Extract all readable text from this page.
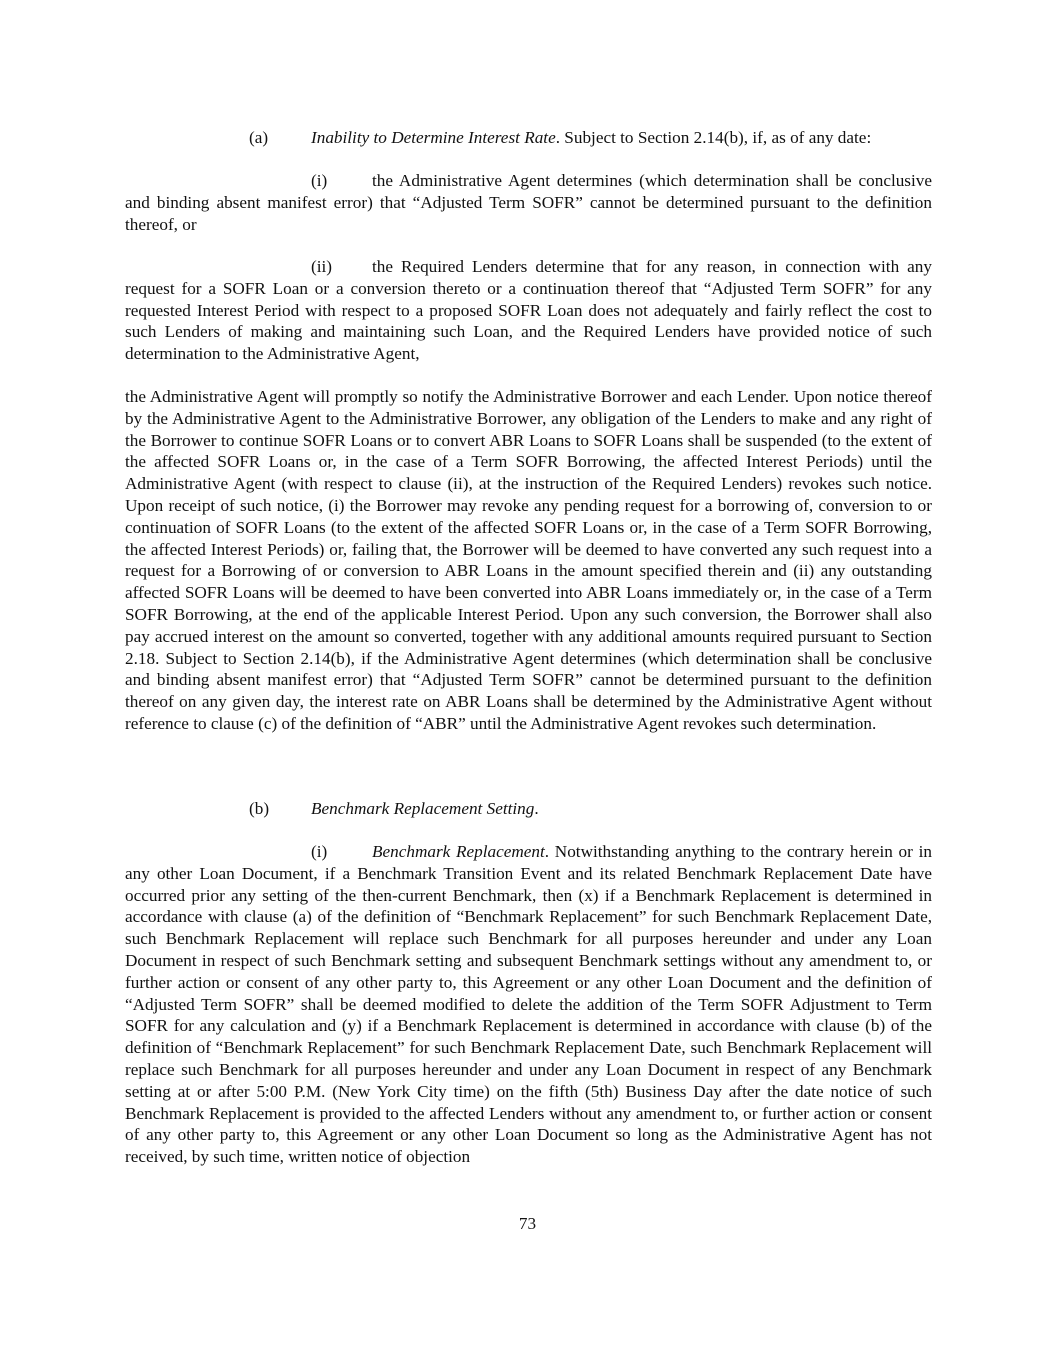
(a) Inability to Determine Interest Rate. Subject to Section 2.14(b), if, as of any date:

(i)	the Administrative Agent determines (which determination shall be conclusive and binding absent manifest error) that “Adjusted Term SOFR” cannot be determined pursuant to the definition thereof, or

(ii) the Required Lenders determine that for any reason, in connection with any request for a SOFR Loan or a conversion thereto or a continuation thereof that “Adjusted Term SOFR” for any requested Interest Period with respect to a proposed SOFR Loan does not adequately and fairly reflect the cost to such Lenders of making and maintaining such Loan, and the Required Lenders have provided notice of such determination to the Administrative Agent,

the Administrative Agent will promptly so notify the Administrative Borrower and each Lender. Upon notice thereof by the Administrative Agent to the Administrative Borrower, any obligation of the Lenders to make and any right of the Borrower to continue SOFR Loans or to convert ABR Loans to SOFR Loans shall be suspended (to the extent of the affected SOFR Loans or, in the case of a Term SOFR Borrowing, the affected Interest Periods) until the Administrative Agent (with respect to clause (ii), at the instruction of the Required Lenders) revokes such notice. Upon receipt of such notice, (i) the Borrower may revoke any pending request for a borrowing of, conversion to or continuation of SOFR Loans (to the extent of the affected SOFR Loans or, in the case of a Term SOFR Borrowing, the affected Interest Periods) or, failing that, the Borrower will be deemed to have converted any such request into a request for a Borrowing of or conversion to ABR Loans in the amount specified therein and (ii) any outstanding affected SOFR Loans will be deemed to have been converted into ABR Loans immediately or, in the case of a Term SOFR Borrowing, at the end of the applicable Interest Period. Upon any such conversion, the Borrower shall also pay accrued interest on the amount so converted, together with any additional amounts required pursuant to Section 2.18. Subject to Section 2.14(b), if the Administrative Agent determines (which determination shall be conclusive and binding absent manifest error) that “Adjusted Term SOFR” cannot be determined pursuant to the definition thereof on any given day, the interest rate on ABR Loans shall be determined by the Administrative Agent without reference to clause (c) of the definition of “ABR” until the Administrative Agent revokes such determination.

(b) Benchmark Replacement Setting.

(i)	Benchmark Replacement. Notwithstanding anything to the contrary herein or in any other Loan Document, if a Benchmark Transition Event and its related Benchmark Replacement Date have occurred prior any setting of the then-current Benchmark, then (x) if a Benchmark Replacement is determined in accordance with clause (a) of the definition of “Benchmark Replacement” for such Benchmark Replacement Date, such Benchmark Replacement will replace such Benchmark for all purposes hereunder and under any Loan Document in respect of such Benchmark setting and subsequent Benchmark settings without any amendment to, or further action or consent of any other party to, this Agreement or any other Loan Document and the definition of “Adjusted Term SOFR” shall be deemed modified to delete the addition of the Term SOFR Adjustment to Term SOFR for any calculation and (y) if a Benchmark Replacement is determined in accordance with clause (b) of the definition of “Benchmark Replacement” for such Benchmark Replacement Date, such Benchmark Replacement will replace such Benchmark for all purposes hereunder and under any Loan Document in respect of any Benchmark setting at or after 5:00 P.M. (New York City time) on the fifth (5th) Business Day after the date notice of such Benchmark Replacement is provided to the affected Lenders without any amendment to, or further action or consent of any other party to, this Agreement or any other Loan Document so long as the Administrative Agent has not received, by such time, written notice of objection

73
